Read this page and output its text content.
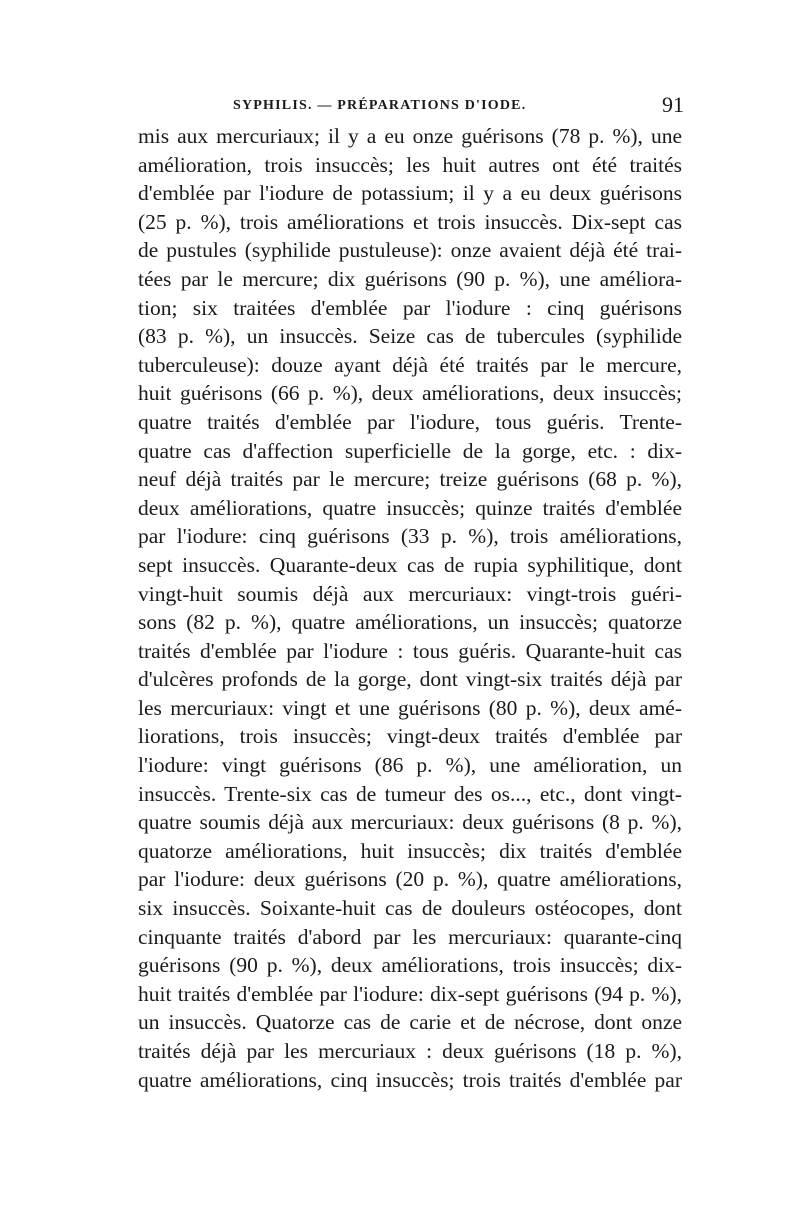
SYPHILIS. — PRÉPARATIONS D'IODE.	91
mis aux mercuriaux; il y a eu onze guérisons (78 p. %), une
amélioration, trois insuccès; les huit autres ont été traités
d'emblée par l'iodure de potassium; il y a eu deux guérisons
(25 p. %), trois améliorations et trois insuccès. Dix-sept cas
de pustules (syphilide pustuleuse): onze avaient déjà été trai-
tées par le mercure; dix guérisons (90 p. %), une améliora-
tion; six traitées d'emblée par l'iodure : cinq guérisons
(83 p. %), un insuccès. Seize cas de tubercules (syphilide
tuberculeuse): douze ayant déjà été traités par le mercure,
huit guérisons (66 p. %), deux améliorations, deux insuccès;
quatre traités d'emblée par l'iodure, tous guéris. Trente-
quatre cas d'affection superficielle de la gorge, etc. : dix-
neuf déjà traités par le mercure; treize guérisons (68 p. %),
deux améliorations, quatre insuccès; quinze traités d'emblée
par l'iodure: cinq guérisons (33 p. %), trois améliorations,
sept insuccès. Quarante-deux cas de rupia syphilitique, dont
vingt-huit soumis déjà aux mercuriaux: vingt-trois guéri-
sons (82 p. %), quatre améliorations, un insuccès; quatorze
traités d'emblée par l'iodure : tous guéris. Quarante-huit cas
d'ulcères profonds de la gorge, dont vingt-six traités déjà par
les mercuriaux: vingt et une guérisons (80 p. %), deux amé-
liorations, trois insuccès; vingt-deux traités d'emblée par
l'iodure: vingt guérisons (86 p. %), une amélioration, un
insuccès. Trente-six cas de tumeur des os..., etc., dont vingt-
quatre soumis déjà aux mercuriaux: deux guérisons (8 p. %),
quatorze améliorations, huit insuccès; dix traités d'emblée
par l'iodure: deux guérisons (20 p. %), quatre améliorations,
six insuccès. Soixante-huit cas de douleurs ostéocopes, dont
cinquante traités d'abord par les mercuriaux: quarante-cinq
guérisons (90 p. %), deux améliorations, trois insuccès; dix-
huit traités d'emblée par l'iodure: dix-sept guérisons (94 p. %),
un insuccès. Quatorze cas de carie et de nécrose, dont onze
traités déjà par les mercuriaux : deux guérisons (18 p. %),
quatre améliorations, cinq insuccès; trois traités d'emblée par
